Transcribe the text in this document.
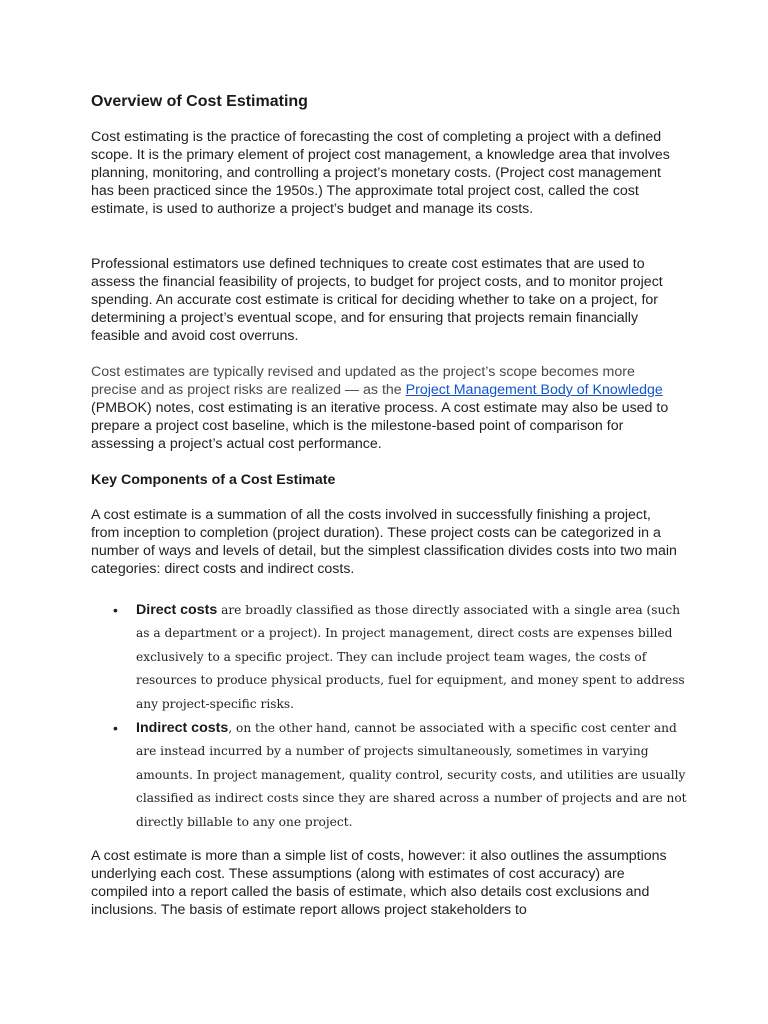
Overview of Cost Estimating

Cost estimating is the practice of forecasting the cost of completing a project with a defined scope. It is the primary element of project cost management, a knowledge area that involves planning, monitoring, and controlling a project’s monetary costs. (Project cost management has been practiced since the 1950s.) The approximate total project cost, called the cost estimate, is used to authorize a project’s budget and manage its costs.

Professional estimators use defined techniques to create cost estimates that are used to assess the financial feasibility of projects, to budget for project costs, and to monitor project spending. An accurate cost estimate is critical for deciding whether to take on a project, for determining a project’s eventual scope, and for ensuring that projects remain financially feasible and avoid cost overruns.

Cost estimates are typically revised and updated as the project’s scope becomes more precise and as project risks are realized — as the Project Management Body of Knowledge (PMBOK) notes, cost estimating is an iterative process. A cost estimate may also be used to prepare a project cost baseline, which is the milestone-based point of comparison for assessing a project’s actual cost performance.

Key Components of a Cost Estimate

A cost estimate is a summation of all the costs involved in successfully finishing a project, from inception to completion (project duration). These project costs can be categorized in a number of ways and levels of detail, but the simplest classification divides costs into two main categories: direct costs and indirect costs.

• Direct costs are broadly classified as those directly associated with a single area (such as a department or a project). In project management, direct costs are expenses billed exclusively to a specific project. They can include project team wages, the costs of resources to produce physical products, fuel for equipment, and money spent to address any project-specific risks.
• Indirect costs, on the other hand, cannot be associated with a specific cost center and are instead incurred by a number of projects simultaneously, sometimes in varying amounts. In project management, quality control, security costs, and utilities are usually classified as indirect costs since they are shared across a number of projects and are not directly billable to any one project.

A cost estimate is more than a simple list of costs, however: it also outlines the assumptions underlying each cost. These assumptions (along with estimates of cost accuracy) are compiled into a report called the basis of estimate, which also details cost exclusions and inclusions. The basis of estimate report allows project stakeholders to
